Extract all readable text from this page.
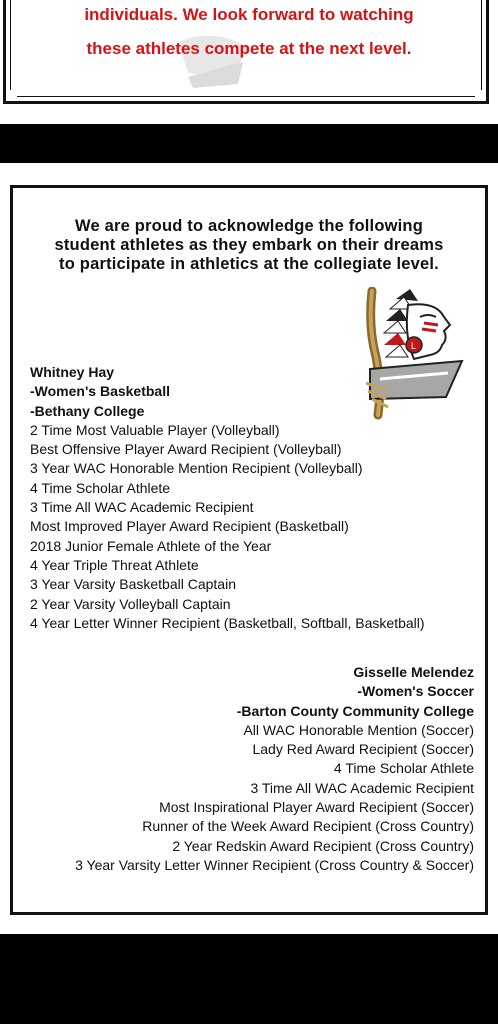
individuals. We look forward to watching
these athletes compete at the next level.
We are proud to acknowledge the following
student athletes as they embark on their dreams
to participate in athletics at the collegiate level.
L
Whitney Hay
-Women's Basketball
-Bethany College
2 Time Most Valuable Player (Volleyball)
Best Offensive Player Award Recipient (Volleyball)
3 Year WAC Honorable Mention Recipient (Volleyball)
4 Time Scholar Athlete
3 Time All WAC Academic Recipient
Most Improved Player Award Recipient (Basketball)
2018 Junior Female Athlete of the Year
4 Year Triple Threat Athlete
3 Year Varsity Basketball Captain
2 Year Varsity Volleyball Captain
4 Year Letter Winner Recipient (Basketball, Softball, Basketball)
Gisselle Melendez
-Women's Soccer
-Barton County Community College
All WAC Honorable Mention (Soccer)
Lady Red Award Recipient (Soccer)
4 Time Scholar Athlete
3 Time All WAC Academic Recipient
Most Inspirational Player Award Recipient (Soccer)
Runner of the Week Award Recipient (Cross Country)
2 Year Redskin Award Recipient (Cross Country)
3 Year Varsity Letter Winner Recipient (Cross Country & Soccer)
